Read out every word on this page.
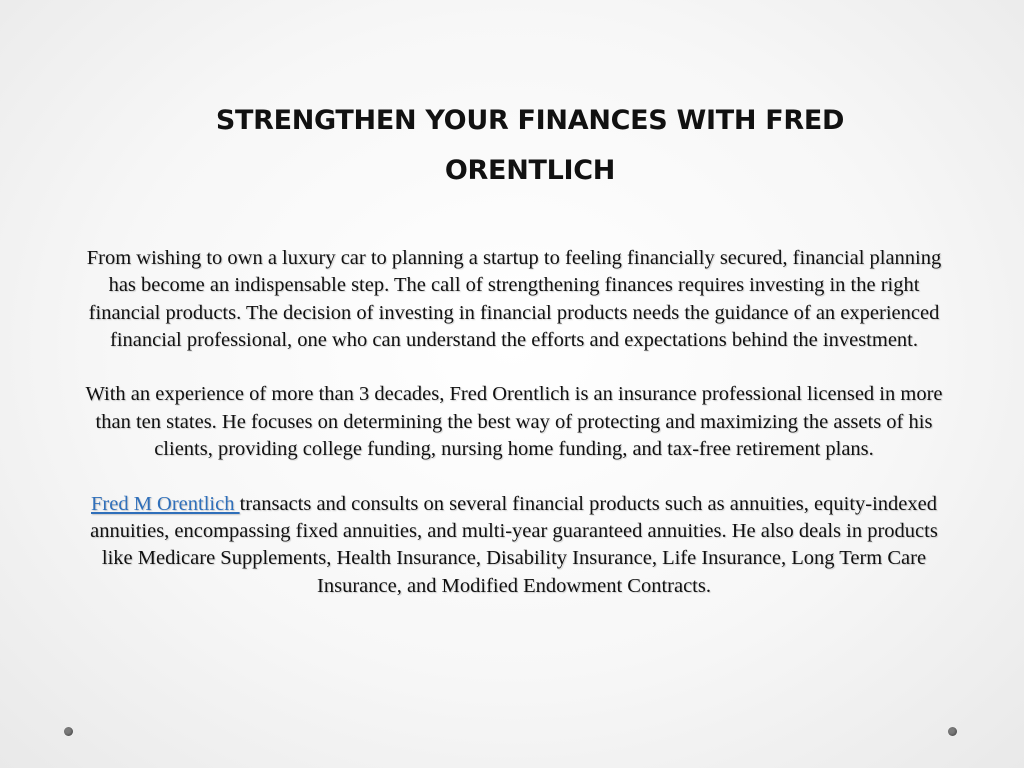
STRENGTHEN YOUR FINANCES WITH FRED ORENTLICH

From wishing to own a luxury car to planning a startup to feeling financially secured, financial planning has become an indispensable step. The call of strengthening finances requires investing in the right financial products. The decision of investing in financial products needs the guidance of an experienced financial professional, one who can understand the efforts and expectations behind the investment.

With an experience of more than 3 decades, Fred Orentlich is an insurance professional licensed in more than ten states. He focuses on determining the best way of protecting and maximizing the assets of his clients, providing college funding, nursing home funding, and tax-free retirement plans.

Fred M Orentlich transacts and consults on several financial products such as annuities, equity-indexed annuities, encompassing fixed annuities, and multi-year guaranteed annuities. He also deals in products like Medicare Supplements, Health Insurance, Disability Insurance, Life Insurance, Long Term Care Insurance, and Modified Endowment Contracts.
